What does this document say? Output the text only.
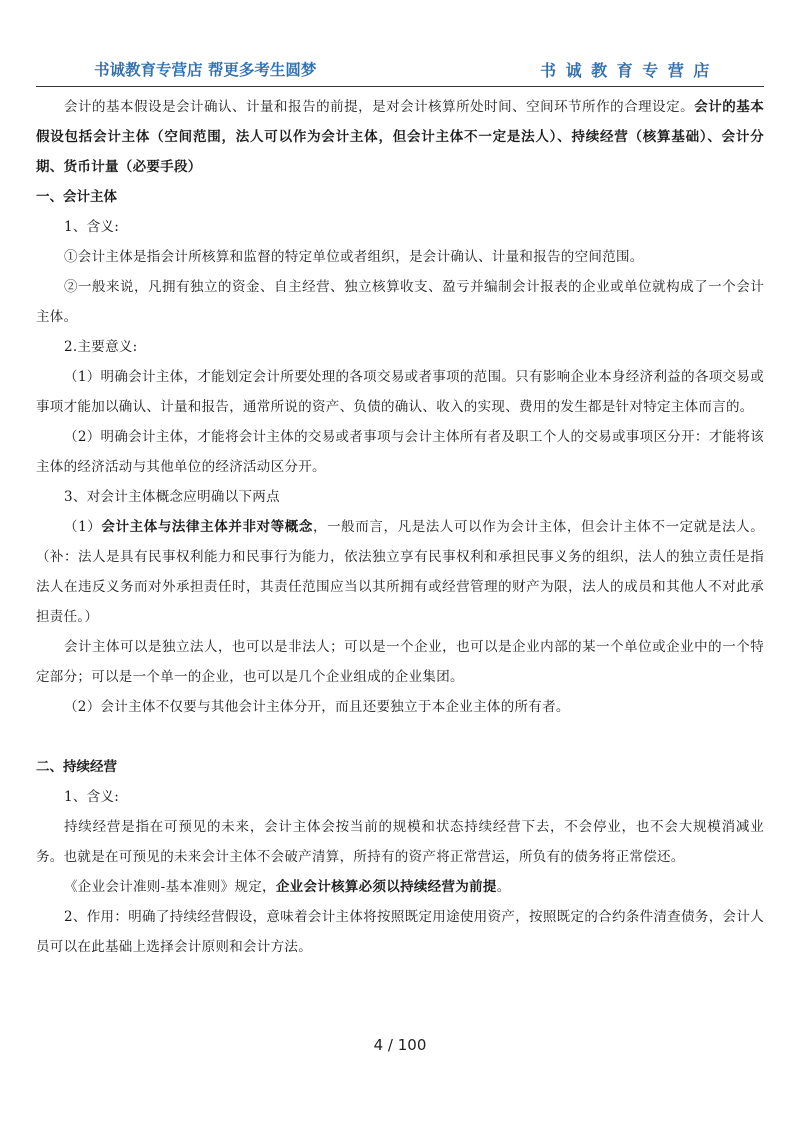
书诚教育专营店 帮更多考生圆梦	书 诚 教 育 专 营 店

会计的基本假设是会计确认、计量和报告的前提，是对会计核算所处时间、空间环节所作的合理设定。会计的基本假设包括会计主体（空间范围，法人可以作为会计主体，但会计主体不一定是法人）、持续经营（核算基础）、会计分期、货币计量（必要手段）

一、会计主体

1、含义:

①会计主体是指会计所核算和监督的特定单位或者组织，是会计确认、计量和报告的空间范围。

②一般来说，凡拥有独立的资金、自主经营、独立核算收支、盈亏并编制会计报表的企业或单位就构成了一个会计主体。

2.主要意义:

（1）明确会计主体，才能划定会计所要处理的各项交易或者事项的范围。只有影响企业本身经济利益的各项交易或事项才能加以确认、计量和报告，通常所说的资产、负债的确认、收入的实现、费用的发生都是针对特定主体而言的。

（2）明确会计主体，才能将会计主体的交易或者事项与会计主体所有者及职工个人的交易或事项区分开：才能将该主体的经济活动与其他单位的经济活动区分开。

3、对会计主体概念应明确以下两点

（1）会计主体与法律主体并非对等概念，一般而言，凡是法人可以作为会计主体，但会计主体不一定就是法人。（补：法人是具有民事权利能力和民事行为能力，依法独立享有民事权利和承担民事义务的组织，法人的独立责任是指法人在违反义务而对外承担责任时，其责任范围应当以其所拥有或经营管理的财产为限，法人的成员和其他人不对此承担责任。）

会计主体可以是独立法人，也可以是非法人；可以是一个企业，也可以是企业内部的某一个单位或企业中的一个特定部分；可以是一个单一的企业，也可以是几个企业组成的企业集团。

（2）会计主体不仅要与其他会计主体分开，而且还要独立于本企业主体的所有者。

二、持续经营

1、含义:

持续经营是指在可预见的未来，会计主体会按当前的规模和状态持续经营下去，不会停业，也不会大规模消减业务。也就是在可预见的未来会计主体不会破产清算，所持有的资产将正常营运，所负有的债务将正常偿还。

《企业会计准则-基本准则》规定，企业会计核算必须以持续经营为前提。

2、作用：明确了持续经营假设，意味着会计主体将按照既定用途使用资产，按照既定的合约条件清查债务，会计人员可以在此基础上选择会计原则和会计方法。

4 / 100
